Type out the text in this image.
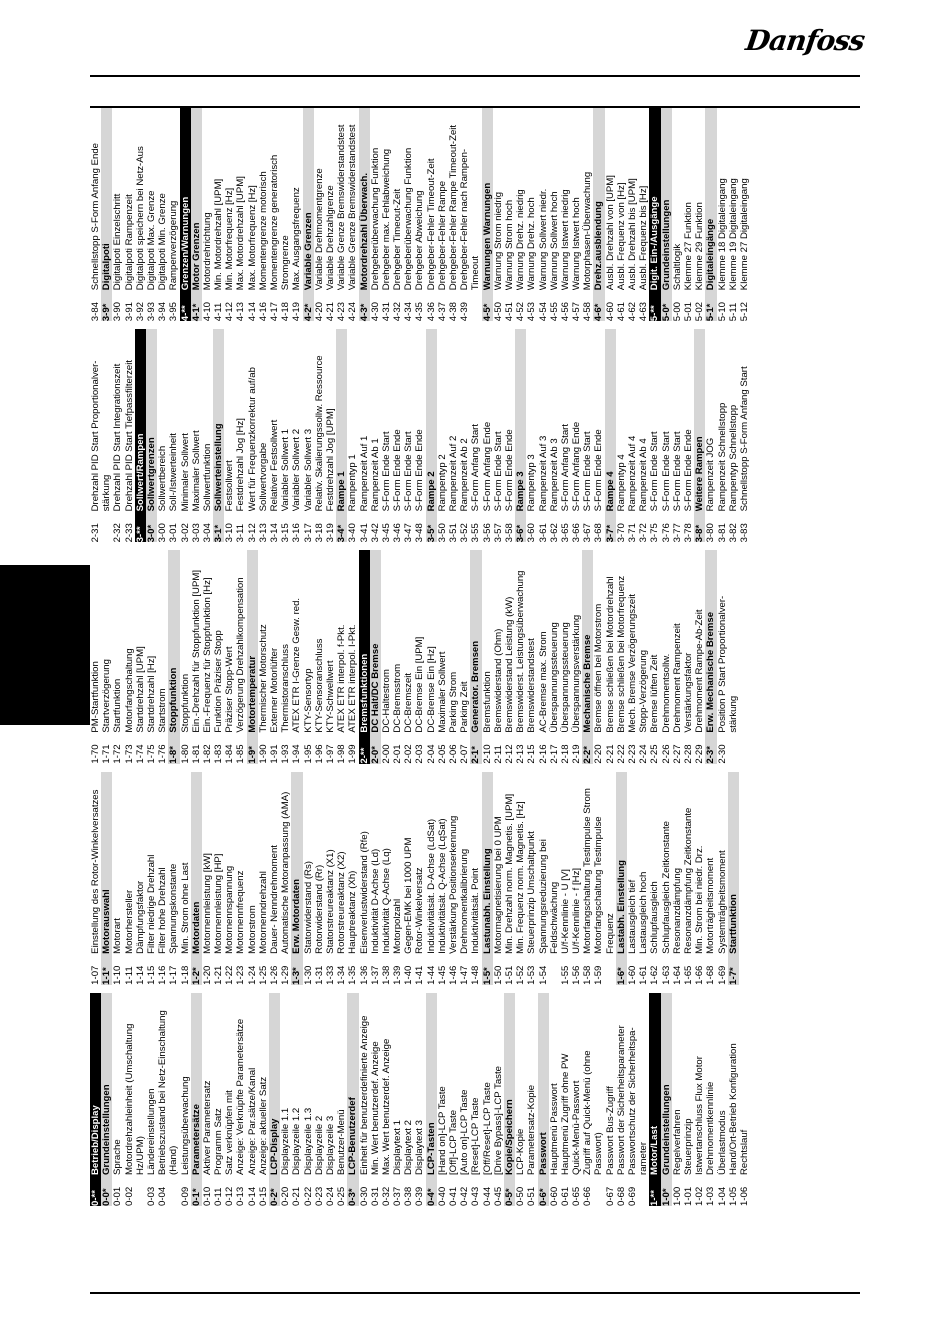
Danfoss
0-**
Betrieb/Display
0-0*
Grundeinstellungen
0-01
Sprache
0-02
Motordrehzahleinheit (Umschaltung Hz/UPM)
0-03
Ländereinstellungen
0-04
Betriebszustand bei Netz-Einschaltung (Hand)
0-09
Leistungsüberwachung
0-1*
Parametersätze
0-10
Aktiver Parametersatz
0-11
Programm Satz
0-12
Satz verknüpfen mit
0-13
Anzeige: Verknüpfte Parametersätze
0-14
Anzeige: Par.sätze/Kanal
0-15
Anzeige: aktueller Satz
0-2*
LCP-Display
0-20
Displayzeile 1.1
0-21
Displayzeile 1.2
0-22
Displayzeile 1.3
0-23
Displayzeile 2
0-24
Displayzeile 3
0-25
Benutzer-Menü
0-3*
LCP-Benutzerdef
0-30
Einheit für benutzerdefinierte Anzeige
0-31
Min. Wert benutzerdef. Anzeige
0-32
Max. Wert benutzerdef. Anzeige
0-37
Displaytext 1
0-38
Displaytext 2
0-39
Displaytext 3
0-4*
LCP-Tasten
0-40
[Hand on]-LCP Taste
0-41
[Off]-LCP Taste
0-42
[Auto on]-LCP Taste
0-43
[Reset]-LCP Taste
0-44
[Off/Reset]-LCP Taste
0-45
[Drive Bypass]-LCP Taste
0-5*
Kopie/Speichern
0-50
LCP-Kopie
0-51
Parametersatz-Kopie
0-6*
Passwort
0-60
Hauptmenü Passwort
0-61
Hauptmenü Zugriff ohne PW
0-65
Quick-Menü-Passwort
0-66
Zugriff auf Quick-Menü (ohne Passwort)
0-67
Passwort Bus-Zugriff
0-68
Passwort der Sicherheitsparameter
0-69
Passwortschutz der Sicherheitspa- rameter
1-**
Motor/Last
1-0*
Grundeinstellungen
1-00
Regelverfahren
1-01
Steuerprinzip
1-02
Istwertanschluss Flux Motor
1-03
Drehmomentkennlinie
1-04
Überlastmodus
1-05
Hand/Ort-Betrieb Konfiguration
1-06
Rechtslauf
1-07
Einstellung des Rotor-Winkelversatzes
1-1*
Motorauswahl
1-10
Motorart
1-11
Motorhersteller
1-14
Dämpfungsfaktor
1-15
Filter niedrige Drehzahl
1-16
Filter hohe Drehzahl
1-17
Spannungskonstante
1-18
Min. Strom ohne Last
1-2*
Motordaten
1-20
Motornennleistung [kW]
1-21
Motornennleistung [HP]
1-22
Motornennspannung
1-23
Motornennfrequenz
1-24
Motorstrom
1-25
Motornenndrehzahl
1-26
Dauer- Nenndrehmoment
1-29
Automatische Motoranpassung (AMA)
1-3*
Erw. Motordaten
1-30
Statorwiderstand (Rs)
1-31
Rotorwiderstand (Rr)
1-33
Statorstreureaktanz (X1)
1-34
Rotorstreureaktanz (X2)
1-35
Hauptreaktanz (Xh)
1-36
Eisenverlustwiderstand (Rfe)
1-37
Induktivität D-Achse (Ld)
1-38
Induktivität Q-Achse (Lq)
1-39
Motorpolzahl
1-40
Gegen-EMK bei 1000 UPM
1-41
Rotor-Winkelversatz
1-44
Induktivitätsät. D-Achse (LdSat)
1-45
Induktivitätsät. Q-Achse (LqSat)
1-46
Verstärkung Positionserkennung
1-47
Drehmomentkalibrierung
1-48
Induktivitätsät. Point
1-5*
Lastunabh. Einstellung
1-50
Motormagnetisierung bei 0 UPM
1-51
Min. Drehzahl norm. Magnetis. [UPM]
1-52
Min. Frequenz norm. Magnetis. [Hz]
1-53
Steuerprinzip Umschaltpunkt
1-54
Spannungsreduzierung bei Feldschwächung
1-55
U/f-Kennlinie - U [V]
1-56
U/f-Kennlinie - f [Hz]
1-58
Motorfangschaltung Testimpulse Strom
1-59
Motorfangschaltung Testimpulse Frequenz
1-6*
Lastabh. Einstellung
1-60
Lastausgleich tief
1-61
Lastausgleich hoch
1-62
Schlupfausgleich
1-63
Schlupfausgleich Zeitkonstante
1-64
Resonanzdämpfung
1-65
Resonanzdämpfung Zeitkonstante
1-66
Min. Strom bei niedr. Drz.
1-68
Motorträgheitsmoment
1-69
Systemträgheitsmoment
1-7*
Startfunktion
1-70
PM-Startfunktion
1-71
Startverzögerung
1-72
Startfunktion
1-73
Motorfangschaltung
1-74
Startdrehzahl [UPM]
1-75
Startdrehzahl [Hz]
1-76
Startstrom
1-8*
Stoppfunktion
1-80
Stoppfunktion
1-81
Ein.-Drehzahl für Stoppfunktion [UPM]
1-82
Ein.-Frequenz für Stoppfunktion [Hz]
1-83
Funktion Präziser Stopp
1-84
Präziser Stopp-Wert
1-85
Verzögerung Drehzahlkompensation
1-9*
Motortemperatur
1-90
Thermischer Motorschutz
1-91
Externer Motorlüfter
1-93
Thermistoranschluss
1-94
ATEX ETR I-Grenze Gesw. red.
1-95
KTY-Sensortyp
1-96
KTY-Sensoranschluss
1-97
KTY-Schwellwert
1-98
ATEX ETR interpol. f-Pkt.
1-99
ATEX ETR interpol. I-Pkt.
2-**
Bremsfunktionen
2-0*
DC Halt/DC Bremse
2-00
DC-Haltestrom
2-01
DC-Bremsstrom
2-02
DC-Bremszeit
2-03
DC-Bremse Ein [UPM]
2-04
DC-Bremse Ein [Hz]
2-05
Maximaler Sollwert
2-06
Parking Strom
2-07
Parking Zeit
2-1*
Generator. Bremsen
2-10
Bremsfunktion
2-11
Bremswiderstand (Ohm)
2-12
Bremswiderstand Leistung (kW)
2-13
Bremswiderst. Leistungsüberwachung
2-15
Bremswiderstandstest
2-16
AC-Bremse max. Strom
2-17
Überspannungssteuerung
2-18
Überspannungssteuerung
2-19
Überspannungsverstärkung
2-2*
Mechanische Bremse
2-20
Bremse öffnen bei Motorstrom
2-21
Bremse schließen bei Motordrehzahl
2-22
Bremse schließen bei Motorfrequenz
2-23
Mech. Bremse Verzögerungszeit
2-24
Stopp-Verzögerung
2-25
Bremse lüften Zeit
2-26
Drehmomentsollw.
2-27
Drehmoment Rampenzeit
2-28
Verstärkungsfaktor
2-29
Drehmoment Rampe-Ab-Zeit
2-3*
Erw. Mechanische Bremse
2-30
Position P Start Proportionalver- stärkung
2-31
Drehzahl PID Start Proportionalver- stärkung
2-32
Drehzahl PID Start Integrationszeit
2-33
Drehzahl PID Start Tiefpassfilterzeit
3-**
Sollwert/Rampen
3-0*
Sollwertgrenzen
3-00
Sollwertbereich
3-01
Soll-/Istwerteinheit
3-02
Minimaler Sollwert
3-03
Maximaler Sollwert
3-04
Sollwertfunktion
3-1*
Sollwerteinstellung
3-10
Festsollwert
3-11
Festdrehzahl Jog [Hz]
3-12
Wert für Frequenzkorrektur auf/ab
3-13
Sollwertvorgabe
3-14
Relativer Festsollwert
3-15
Variabler Sollwert 1
3-16
Variabler Sollwert 2
3-17
Variabler Sollwert 3
3-18
Relativ. Skalierungssollw. Ressource
3-19
Festdrehzahl Jog [UPM]
3-4*
Rampe 1
3-40
Rampentyp 1
3-41
Rampenzeit Auf 1
3-42
Rampenzeit Ab 1
3-45
S-Form Ende Start
3-46
S-Form Ende Ende
3-47
S-Form Ende Start
3-48
S-Form Ende Ende
3-5*
Rampe 2
3-50
Rampentyp 2
3-51
Rampenzeit Auf 2
3-52
Rampenzeit Ab 2
3-55
S-Form Anfang Start
3-56
S-Form Anfang Ende
3-57
S-Form Ende Start
3-58
S-Form Ende Ende
3-6*
Rampe 3
3-60
Rampentyp 3
3-61
Rampenzeit Auf 3
3-62
Rampenzeit Ab 3
3-65
S-Form Anfang Start
3-66
S-Form Anfang Ende
3-67
S-Form Ende Start
3-68
S-Form Ende Ende
3-7*
Rampe 4
3-70
Rampentyp 4
3-71
Rampenzeit Auf 4
3-72
Rampenzeit Ab 4
3-75
S-Form Ende Start
3-76
S-Form Ende Start
3-77
S-Form Ende Start
3-78
S-Form Ende Ende
3-8*
Weitere Rampen
3-80
Rampenzeit JOG
3-81
Rampenzeit Schnellstopp
3-82
Rampentyp Schnellstopp
3-83
Schnellstopp S-Form Anfang Start
3-84
Schnellstopp S-Form Anfang Ende
3-9*
Digitalpoti
3-90
Digitalpoti Einzelschritt
3-91
Digitalpoti Rampenzeit
3-92
Digitalpoti speichern bei Netz-Aus
3-93
Digitalpoti Max. Grenze
3-94
Digitalpoti Min. Grenze
3-95
Rampenverzögerung
4-**
Grenzen/Warnungen
4-1*
Motor Grenzen
4-10
Motordrehrichtung
4-11
Min. Motordrehzahl [UPM]
4-12
Min. Motorfrequenz [Hz]
4-13
Max. Motordrehzahl [UPM]
4-14
Max. Motorfrequenz [Hz]
4-16
Momentengrenze motorisch
4-17
Momentengrenze generatorisch
4-18
Stromgrenze
4-19
Max. Ausgangsfrequenz
4-2*
Variable Grenzen
4-20
Variable Drehmomentgrenze
4-21
Variable Drehzahlgrenze
4-23
Variable Grenze Bremswiderstandstest
4-24
Variable Grenze Bremswiderstandstest
4-3*
Motordrehzahl Überwach.
4-30
Drehgeberüberwachung Funktion
4-31
Drehgeber max. Fehlabweichung
4-32
Drehgeber Timeout-Zeit
4-34
Drehgeberüberwachung Funktion
4-35
Drehgeber Abweichung
4-36
Drehgeber-Fehler Timeout-Zeit
4-37
Drehgeber-Fehler Rampe
4-38
Drehgeber-Fehler Rampe Timeout-Zeit
4-39
Drehgeber-Fehler nach Rampen- Timeout
4-5*
Warnungen Warnungen
4-50
Warnung Strom niedrig
4-51
Warnung Strom hoch
4-52
Warnung Drehz. niedrig
4-53
Warnung Drehz. hoch
4-54
Warnung Sollwert niedr.
4-55
Warnung Sollwert hoch
4-56
Warnung Istwert niedrig
4-57
Warnung Istwert hoch
4-58
Motorphasen-Überwachung
4-6*
Drehz.ausblendung
4-60
Ausbl. Drehzahl von [UPM]
4-61
Ausbl. Frequenz von [Hz]
4-62
Ausbl. Drehzahl bis [UPM]
4-63
Ausbl. Frequenz bis [Hz]
5-**
Digit. Ein-/Ausgänge
5-0*
Grundeinstellungen
5-00
Schaltlogik
5-01
Klemme 27 Funktion
5-02
Klemme 29 Funktion
5-1*
Digitaleingänge
5-10
Klemme 18 Digitaleingang
5-11
Klemme 19 Digitaleingang
5-12
Klemme 27 Digitaleingang
